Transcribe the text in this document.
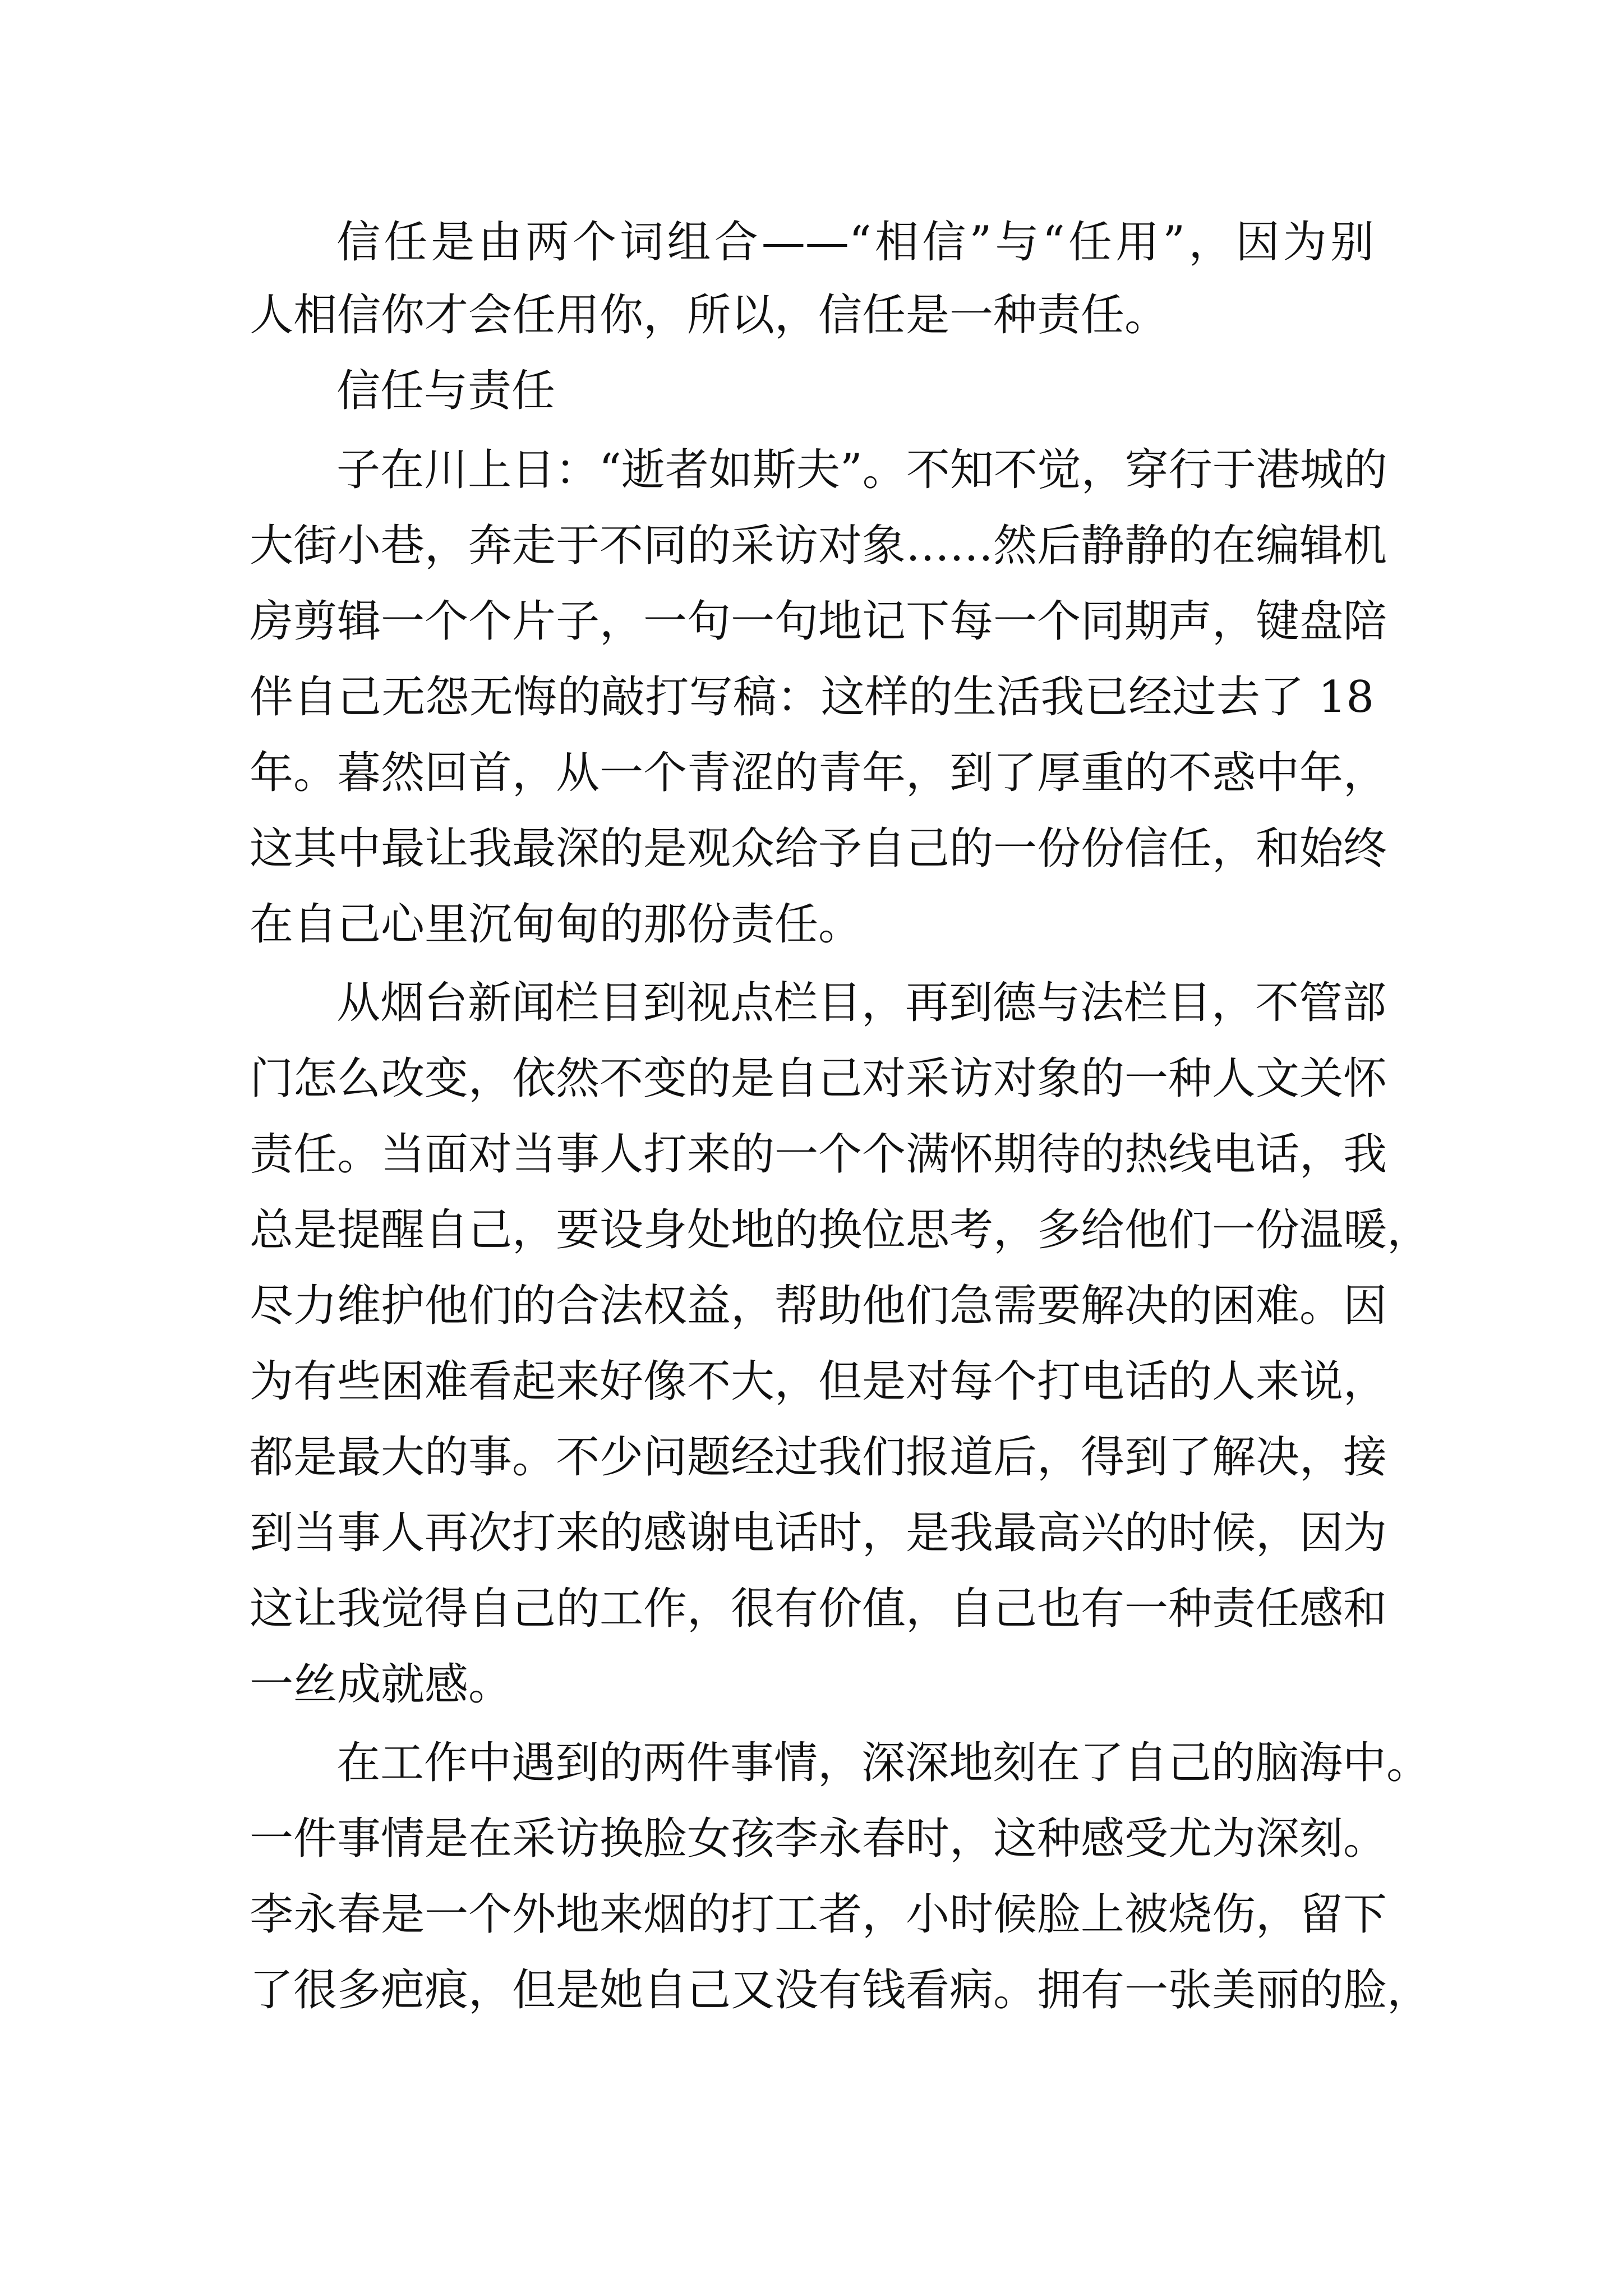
信任是由两个词组合——“相信”与“任用”，因为别

人相信你才会任用你，所以，信任是一种责任。

信任与责任

子在川上日：“逝者如斯夫”。不知不觉，穿行于港城的

大街小巷，奔走于不同的采访对象……然后静静的在编辑机

房剪辑一个个片子，一句一句地记下每一个同期声，键盘陪

伴自己无怨无悔的敲打写稿：这样的生活我已经过去了 18

年。暮然回首，从一个青涩的青年，到了厚重的不惑中年，

这其中最让我最深的是观众给予自己的一份份信任，和始终

在自己心里沉甸甸的那份责任。

从烟台新闻栏目到视点栏目，再到德与法栏目，不管部

门怎么改变，依然不变的是自己对采访对象的一种人文关怀

责任。当面对当事人打来的一个个满怀期待的热线电话，我

总是提醒自己，要设身处地的换位思考，多给他们一份温暖，

尽力维护他们的合法权益，帮助他们急需要解决的困难。因

为有些困难看起来好像不大，但是对每个打电话的人来说，

都是最大的事。不少问题经过我们报道后，得到了解决，接

到当事人再次打来的感谢电话时，是我最高兴的时候，因为

这让我觉得自己的工作，很有价值，自己也有一种责任感和

一丝成就感。

在工作中遇到的两件事情，深深地刻在了自己的脑海中。

一件事情是在采访换脸女孩李永春时，这种感受尤为深刻。

李永春是一个外地来烟的打工者，小时候脸上被烧伤，留下

了很多疤痕，但是她自己又没有钱看病。拥有一张美丽的脸，
